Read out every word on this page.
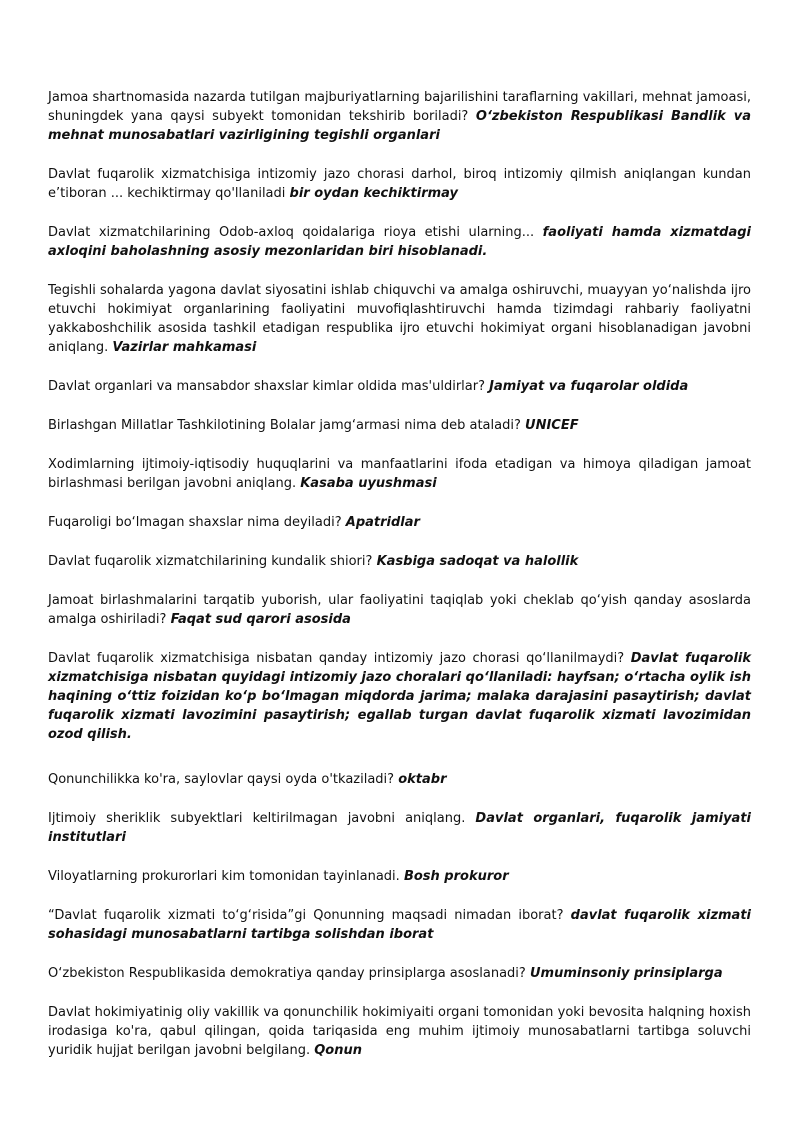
Jamoa shartnomasida nazarda tutilgan majburiyatlarning bajarilishini taraflarning vakillari, mehnat jamoasi, shuningdek yana qaysi subyekt tomonidan tekshirib boriladi? O‘zbekiston Respublikasi Bandlik va mehnat munosabatlari vazirligining tegishli organlari

Davlat fuqarolik xizmatchisiga intizomiy jazo chorasi darhol, biroq intizomiy qilmish aniqlangan kundan e’tiboran ... kechiktirmay qo'llaniladi bir oydan kechiktirmay

Davlat xizmatchilarining Odob-axloq qoidalariga rioya etishi ularning... faoliyati hamda xizmatdagi axloqini baholashning asosiy mezonlaridan biri hisoblanadi.

Tegishli sohalarda yagona davlat siyosatini ishlab chiquvchi va amalga oshiruvchi, muayyan yo‘nalishda ijro etuvchi hokimiyat organlarining faoliyatini muvofiqlashtiruvchi hamda tizimdagi rahbariy faoliyatni yakkaboshchilik asosida tashkil etadigan respublika ijro etuvchi hokimiyat organi hisoblanadigan javobni aniqlang. Vazirlar mahkamasi

Davlat organlari va mansabdor shaxslar kimlar oldida mas'uldirlar? Jamiyat va fuqarolar oldida

Birlashgan Millatlar Tashkilotining Bolalar jamg‘armasi nima deb ataladi? UNICEF

Xodimlarning ijtimoiy-iqtisodiy huquqlarini va manfaatlarini ifoda etadigan va himoya qiladigan jamoat birlashmasi berilgan javobni aniqlang. Kasaba uyushmasi

Fuqaroligi bo‘lmagan shaxslar nima deyiladi? Apatridlar

Davlat fuqarolik xizmatchilarining kundalik shiori? Kasbiga sadoqat va halollik

Jamoat birlashmalarini tarqatib yuborish, ular faoliyatini taqiqlab yoki cheklab qo‘yish qanday asoslarda amalga oshiriladi? Faqat sud qarori asosida

Davlat fuqarolik xizmatchisiga nisbatan qanday intizomiy jazo chorasi qo‘llanilmaydi? Davlat fuqarolik xizmatchisiga nisbatan quyidagi intizomiy jazo choralari qo‘llaniladi: hayfsan; o‘rtacha oylik ish haqining o‘ttiz foizidan ko‘p bo‘lmagan miqdorda jarima; malaka darajasini pasaytirish; davlat fuqarolik xizmati lavozimini pasaytirish; egallab turgan davlat fuqarolik xizmati lavozimidan ozod qilish.

Qonunchilikka ko'ra, saylovlar qaysi oyda o'tkaziladi? oktabr

Ijtimoiy sheriklik subyektlari keltirilmagan javobni aniqlang. Davlat organlari, fuqarolik jamiyati institutlari

Viloyatlarning prokurorlari kim tomonidan tayinlanadi. Bosh prokuror

“Davlat fuqarolik xizmati to‘g‘risida”gi Qonunning maqsadi nimadan iborat? davlat fuqarolik xizmati sohasidagi munosabatlarni tartibga solishdan iborat

O‘zbekiston Respublikasida demokratiya qanday prinsiplarga asoslanadi? Umuminsoniy prinsiplarga

Davlat hokimiyatinig oliy vakillik va qonunchilik hokimiyaiti organi tomonidan yoki bevosita halqning hoxish irodasiga ko'ra, qabul qilingan, qoida tariqasida eng muhim ijtimoiy munosabatlarni tartibga soluvchi yuridik hujjat berilgan javobni belgilang. Qonun
